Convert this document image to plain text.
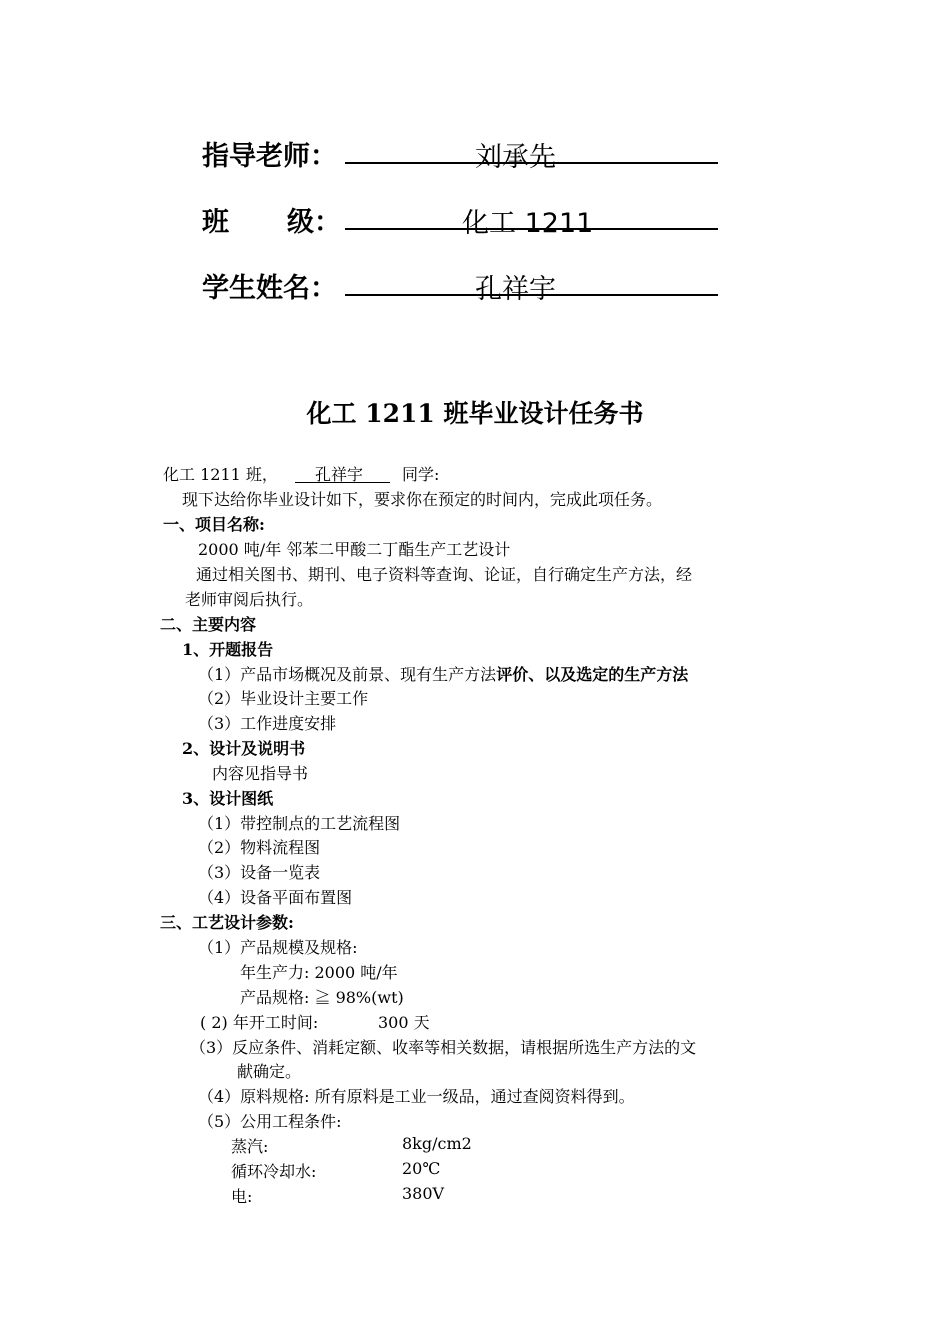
指导老师：	刘承先
班 级：	化工 1211
学生姓名：	孔祥宇
化工 1211 班毕业设计任务书
化工 1211 班， 孔祥宇 同学:
现下达给你毕业设计如下，要求你在预定的时间内，完成此项任务。
一、项目名称:
2000 吨/年 邻苯二甲酸二丁酯生产工艺设计
通过相关图书、期刊、电子资料等查询、论证，自行确定生产方法，经
老师审阅后执行。
二、主要内容
1、开题报告
（1）产品市场概况及前景、现有生产方法评价、以及选定的生产方法
（2）毕业设计主要工作
（3）工作进度安排
2、设计及说明书
内容见指导书
3、设计图纸
（1）带控制点的工艺流程图
（2）物料流程图
（3）设备一览表
（4）设备平面布置图
三、工艺设计参数:
（1）产品规模及规格:
年生产力: 2000 吨/年
产品规格: ≧ 98%(wt)
( 2) 年开工时间:	300 天
（3）反应条件、消耗定额、收率等相关数据，请根据所选生产方法的文
献确定。
（4）原料规格: 所有原料是工业一级品，通过查阅资料得到。
（5）公用工程条件:
蒸汽:	8kg/cm2
循环冷却水:	20℃
电:	380V
